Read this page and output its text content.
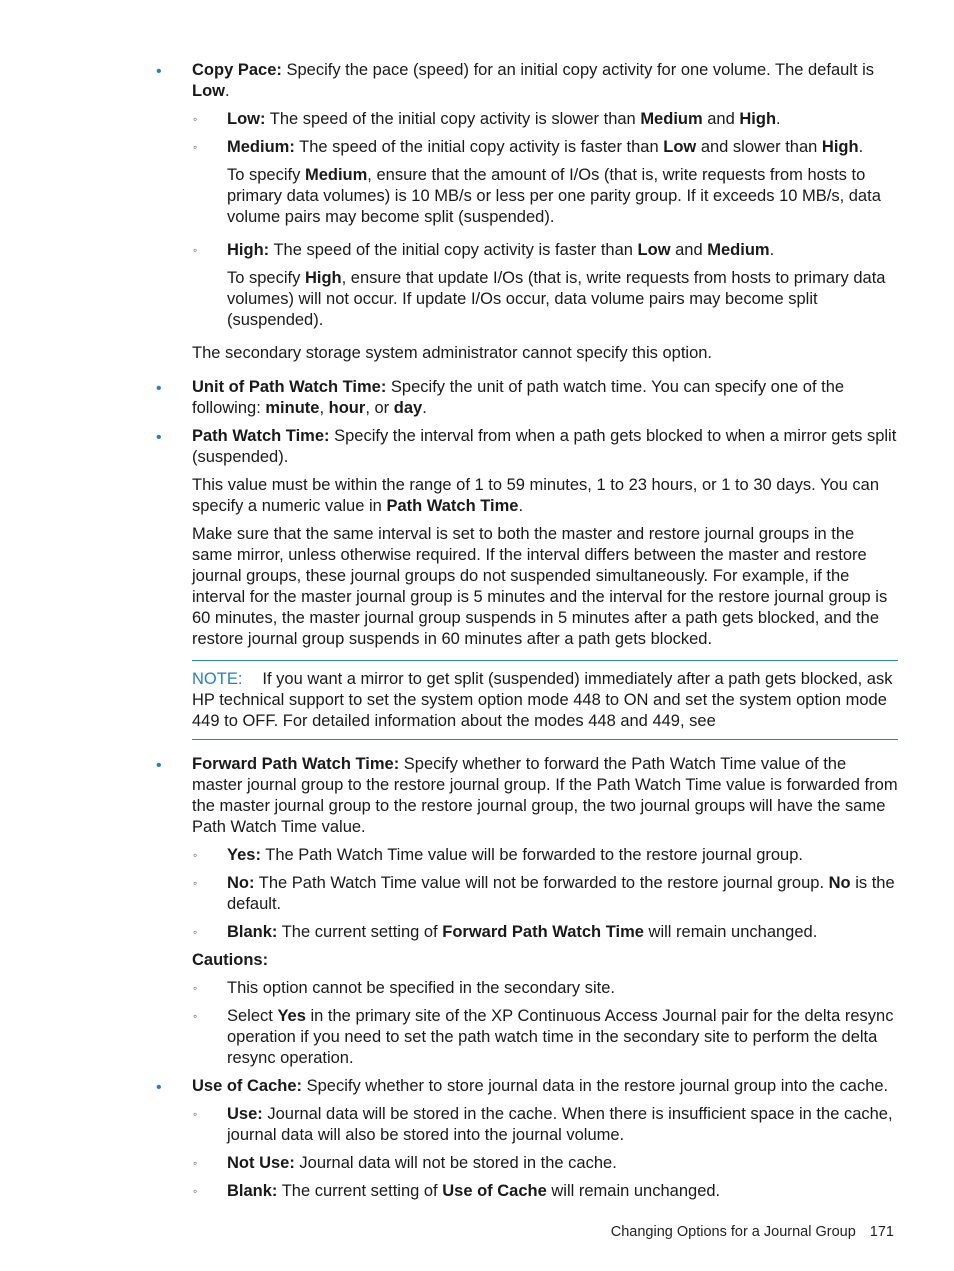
• Copy Pace: Specify the pace (speed) for an initial copy activity for one volume. The default is Low.

◦ Low: The speed of the initial copy activity is slower than Medium and High.

◦ Medium: The speed of the initial copy activity is faster than Low and slower than High.

To specify Medium, ensure that the amount of I/Os (that is, write requests from hosts to primary data volumes) is 10 MB/s or less per one parity group. If it exceeds 10 MB/s, data volume pairs may become split (suspended).

◦ High: The speed of the initial copy activity is faster than Low and Medium.

To specify High, ensure that update I/Os (that is, write requests from hosts to primary data volumes) will not occur. If update I/Os occur, data volume pairs may become split (suspended).

The secondary storage system administrator cannot specify this option.

• Unit of Path Watch Time: Specify the unit of path watch time. You can specify one of the following: minute, hour, or day.

• Path Watch Time: Specify the interval from when a path gets blocked to when a mirror gets split (suspended).

This value must be within the range of 1 to 59 minutes, 1 to 23 hours, or 1 to 30 days. You can specify a numeric value in Path Watch Time.

Make sure that the same interval is set to both the master and restore journal groups in the same mirror, unless otherwise required. If the interval differs between the master and restore journal groups, these journal groups do not suspended simultaneously. For example, if the interval for the master journal group is 5 minutes and the interval for the restore journal group is 60 minutes, the master journal group suspends in 5 minutes after a path gets blocked, and the restore journal group suspends in 60 minutes after a path gets blocked.

NOTE: If you want a mirror to get split (suspended) immediately after a path gets blocked, ask HP technical support to set the system option mode 448 to ON and set the system option mode 449 to OFF. For detailed information about the modes 448 and 449, see
• Forward Path Watch Time: Specify whether to forward the Path Watch Time value of the master journal group to the restore journal group. If the Path Watch Time value is forwarded from the master journal group to the restore journal group, the two journal groups will have the same Path Watch Time value.

◦ Yes: The Path Watch Time value will be forwarded to the restore journal group.

◦ No: The Path Watch Time value will not be forwarded to the restore journal group. No is the default.

◦ Blank: The current setting of Forward Path Watch Time will remain unchanged.

Cautions:

◦ This option cannot be specified in the secondary site.

◦ Select Yes in the primary site of the XP Continuous Access Journal pair for the delta resync operation if you need to set the path watch time in the secondary site to perform the delta resync operation.

• Use of Cache: Specify whether to store journal data in the restore journal group into the cache.

◦ Use: Journal data will be stored in the cache. When there is insufficient space in the cache, journal data will also be stored into the journal volume.

◦ Not Use: Journal data will not be stored in the cache.

◦ Blank: The current setting of Use of Cache will remain unchanged.

Changing Options for a Journal Group 171
